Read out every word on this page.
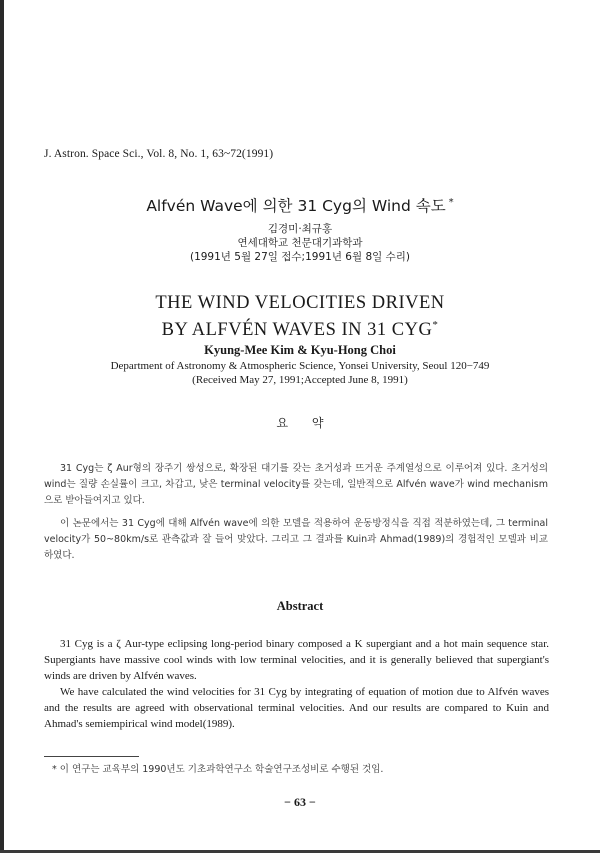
J. Astron. Space Sci., Vol. 8, No. 1, 63~72(1991)
Alfvén Wave에 의한 31 Cyg의 Wind 속도 *
김경미·최규홍
연세대학교 천문대기과학과
(1991년 5월 27일 접수;1991년 6월 8일 수리)
THE WIND VELOCITIES DRIVEN
BY ALFVÉN WAVES IN 31 CYG*
Kyung-Mee Kim & Kyu-Hong Choi
Department of Astronomy & Atmospheric Science, Yonsei University, Seoul 120−749
(Received May 27, 1991;Accepted June 8, 1991)
요 약
31 Cyg는 ζ Aur형의 장주기 쌍성으로, 확장된 대기를 갖는 초거성과 뜨거운 주계열성으로 이루어져 있다. 초거성의 wind는 질량 손실률이 크고, 차갑고, 낮은 terminal velocity를 갖는데, 일반적으로 Alfvén wave가 wind mechanism으로 받아들여지고 있다.
이 논문에서는 31 Cyg에 대해 Alfvén wave에 의한 모델을 적용하여 운동방정식을 직접 적분하였는데, 그 terminal velocity가 50~80km/s로 관측값과 잘 들어 맞았다. 그리고 그 결과를 Kuin과 Ahmad(1989)의 경험적인 모델과 비교하였다.
Abstract
31 Cyg is a ζ Aur-type eclipsing long-period binary composed a K supergiant and a hot main sequence star. Supergiants have massive cool winds with low terminal velocities, and it is generally believed that supergiant's winds are driven by Alfvén waves.
We have calculated the wind velocities for 31 Cyg by integrating of equation of motion due to Alfvén waves and the results are agreed with observational terminal velocities. And our results are compared to Kuin and Ahmad's semiempirical wind model(1989).
* 이 연구는 교육부의 1990년도 기초과학연구소 학술연구조성비로 수행된 것임.
− 63 −
